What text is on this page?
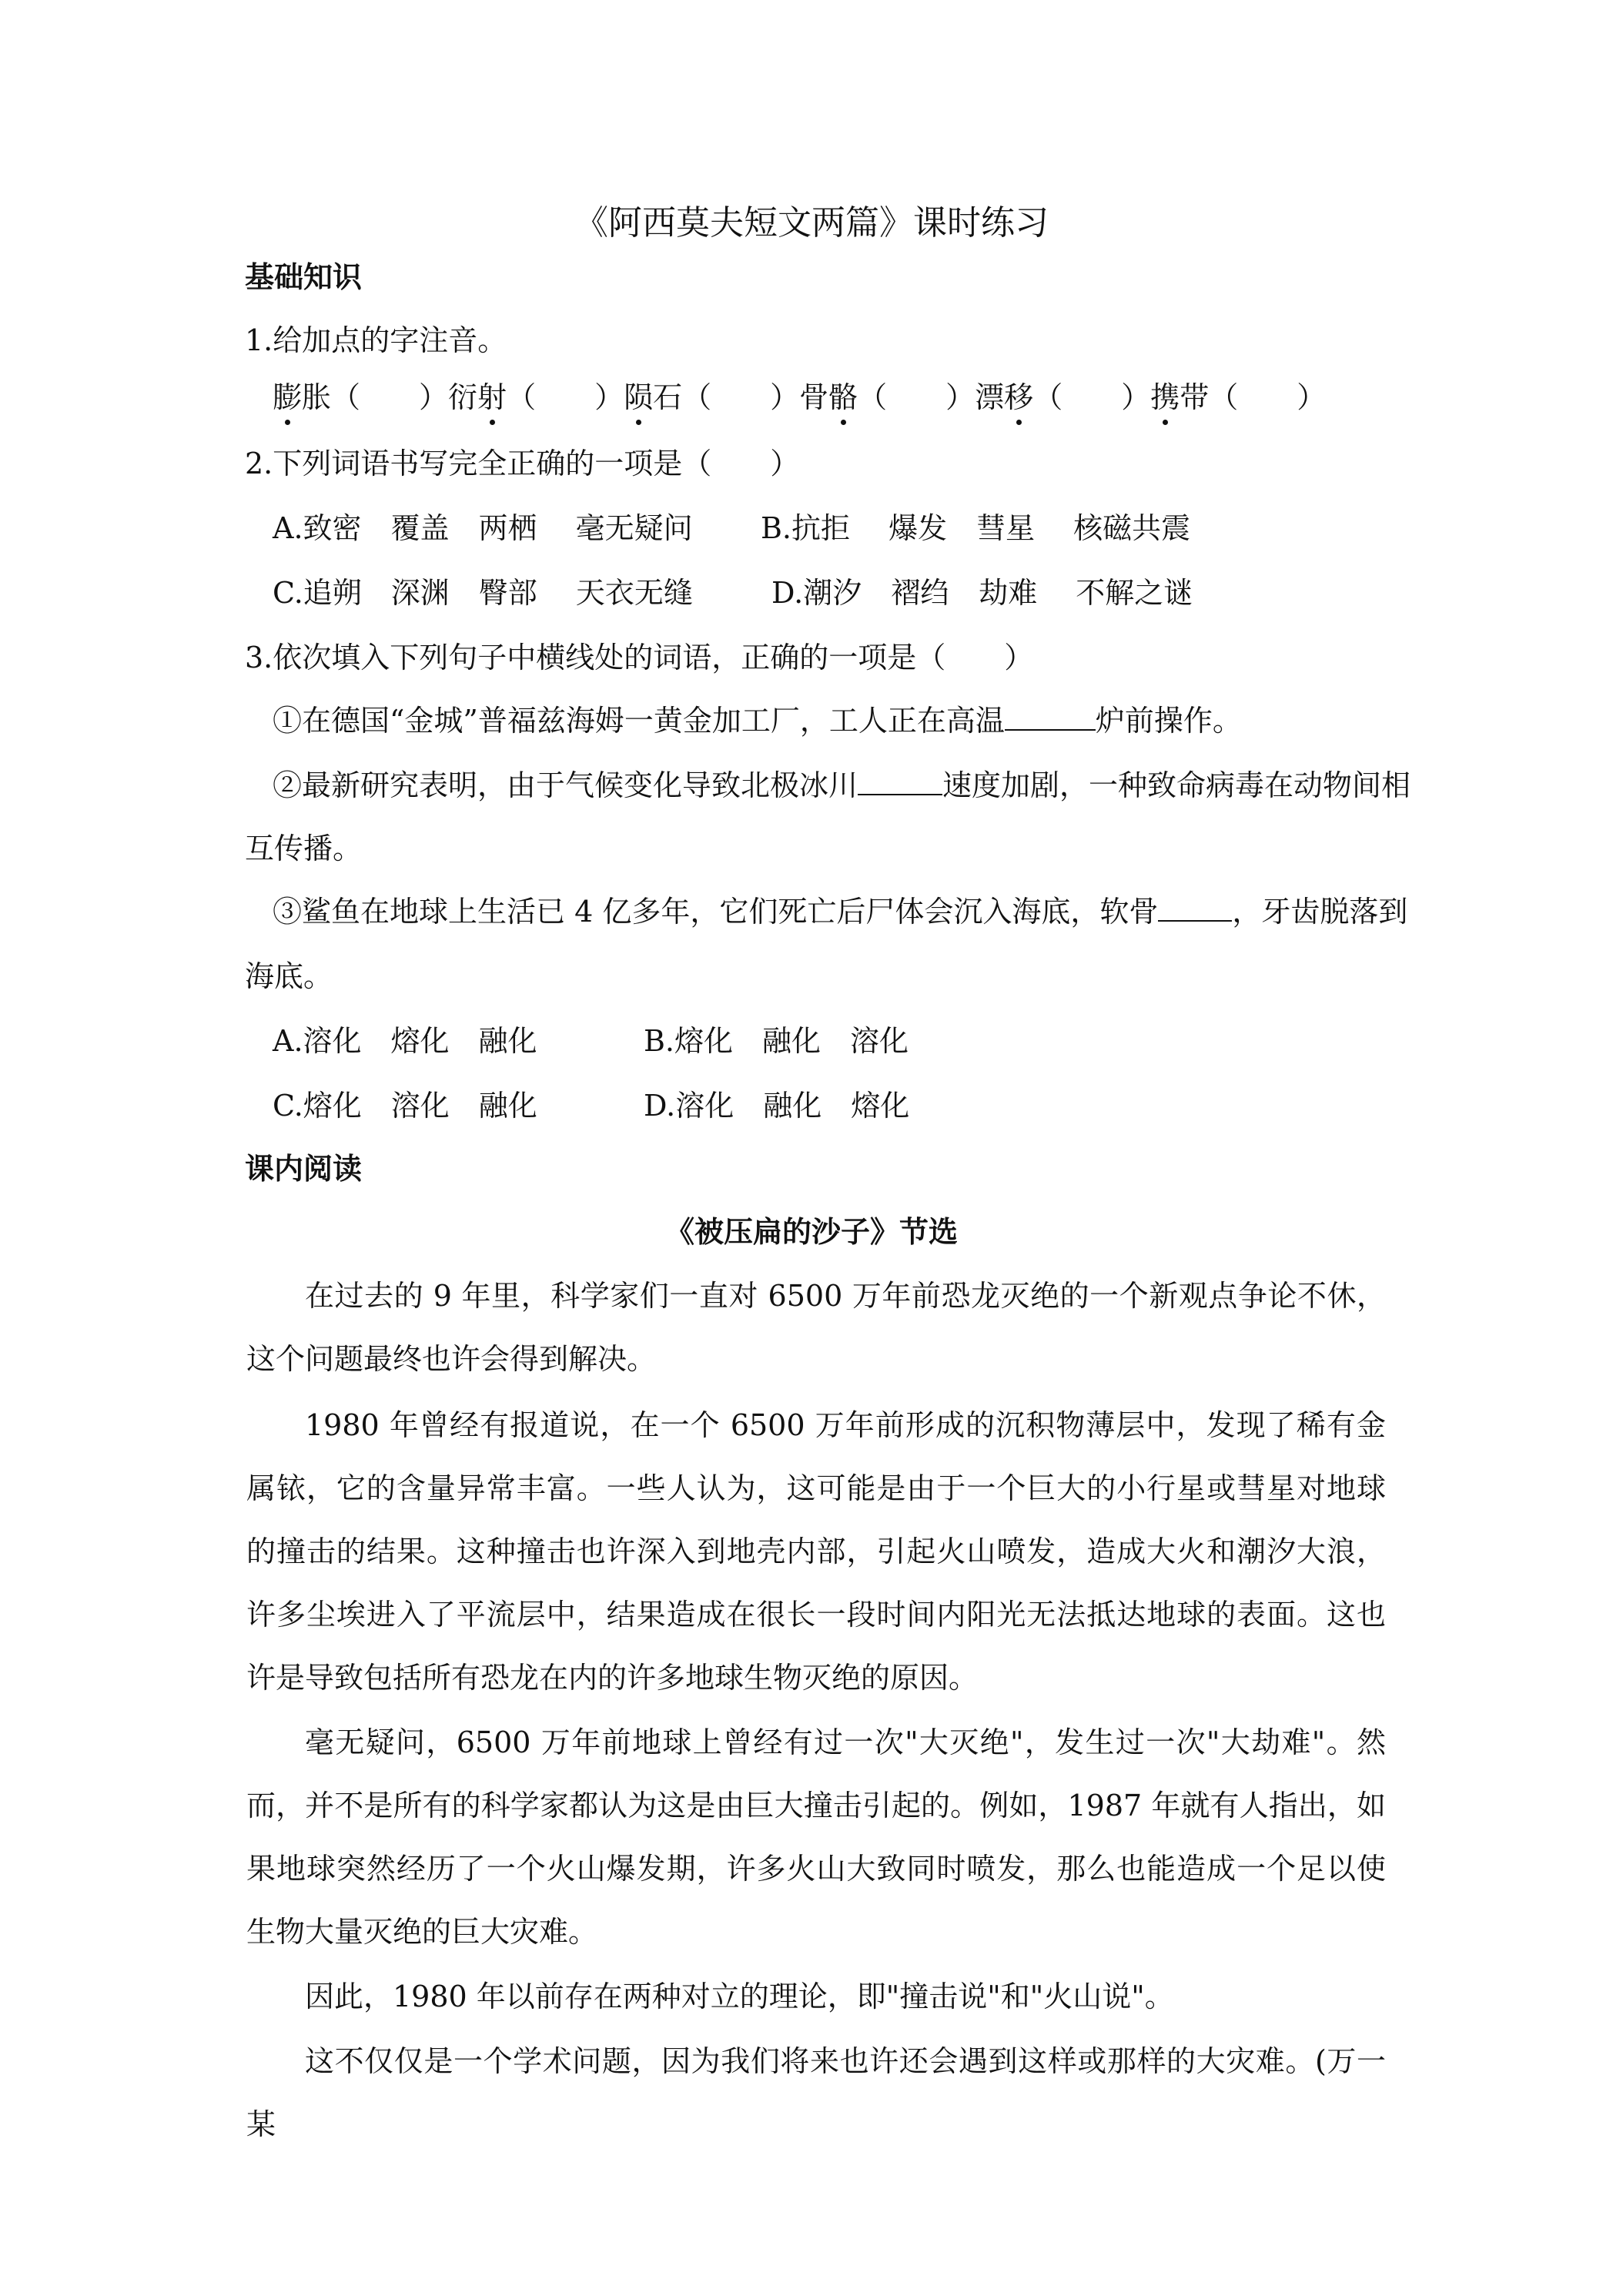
《阿西莫夫短文两篇》课时练习
基础知识
1.给加点的字注音。
膨胀（　　）衍射（　　）陨石（　　）骨骼（　　）漂移（　　）携带（　　）
2.下列词语书写完全正确的一项是（　　）
A.致密　覆盖　两栖　 毫无疑问 B.抗拒　 爆发　彗星　 核磁共震
C.追朔　深渊　臀部　 天衣无缝	D.潮汐　褶绉　劫难　 不解之谜
3.依次填入下列句子中横线处的词语，正确的一项是（　　）
①在德国“金城”普福兹海姆一黄金加工厂，工人正在高温	炉前操作。
②最新研究表明，由于气候变化导致北极冰川	速度加剧，一种致命病毒在动物间相
互传播。
③鲨鱼在地球上生活已 4 亿多年，它们死亡后尸体会沉入海底，软骨	，牙齿脱落到
海底。
A.溶化　熔化　融化	B.熔化　融化　溶化
C.熔化　溶化　融化	D.溶化　融化　熔化
课内阅读
《被压扁的沙子》节选
在过去的 9 年里，科学家们一直对 6500 万年前恐龙灭绝的一个新观点争论不休，这个问题最终也许会得到解决。
1980 年曾经有报道说，在一个 6500 万年前形成的沉积物薄层中，发现了稀有金属铱，它的含量异常丰富。一些人认为，这可能是由于一个巨大的小行星或彗星对地球的撞击的结果。这种撞击也许深入到地壳内部，引起火山喷发，造成大火和潮汐大浪，许多尘埃进入了平流层中，结果造成在很长一段时间内阳光无法抵达地球的表面。这也许是导致包括所有恐龙在内的许多地球生物灭绝的原因。
毫无疑问，6500 万年前地球上曾经有过一次"大灭绝"，发生过一次"大劫难"。然而，并不是所有的科学家都认为这是由巨大撞击引起的。例如，1987 年就有人指出，如果地球突然经历了一个火山爆发期，许多火山大致同时喷发，那么也能造成一个足以使生物大量灭绝的巨大灾难。
因此，1980 年以前存在两种对立的理论，即"撞击说"和"火山说"。
这不仅仅是一个学术问题，因为我们将来也许还会遇到这样或那样的大灾难。(万一某
